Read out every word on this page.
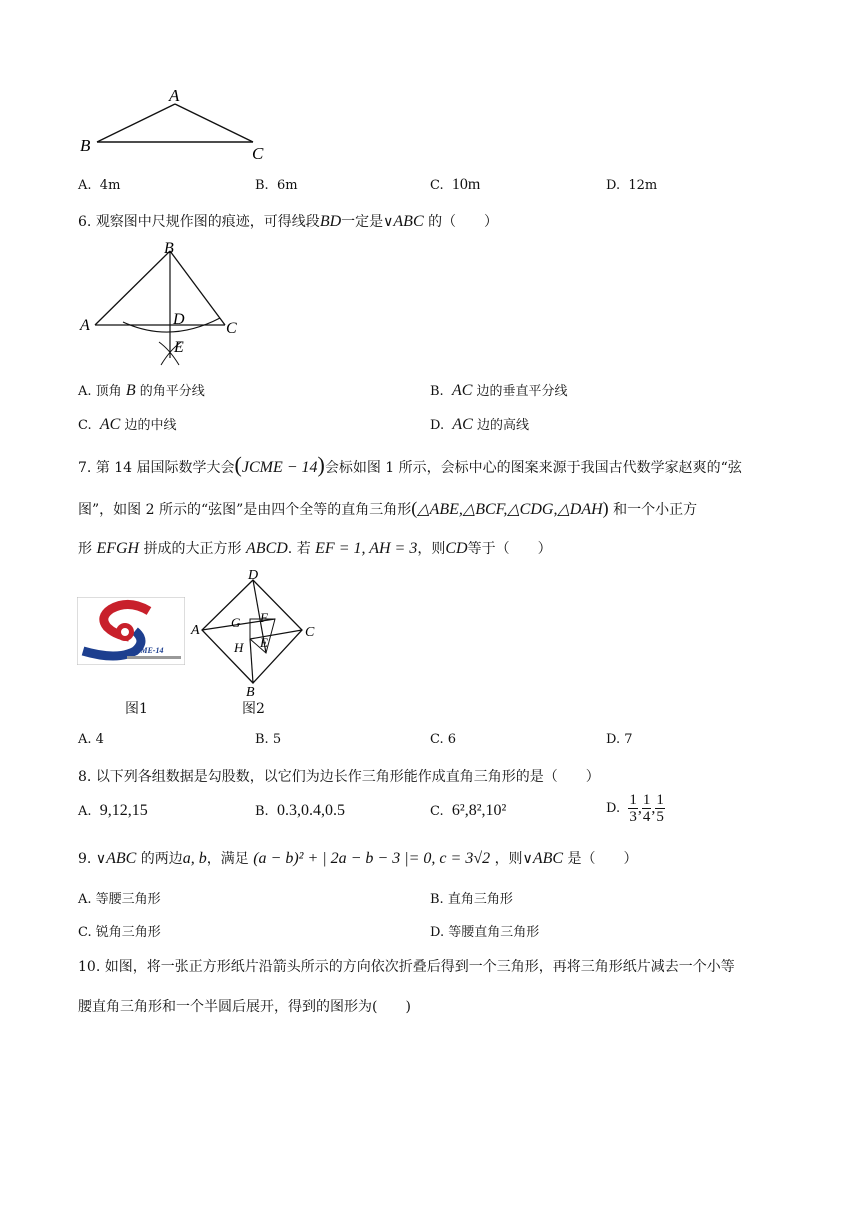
A
B	C
A. 4m	B. 6m	C. 10m	D. 12m
6. 观察图中尺规作图的痕迹，可得线段BD一定是∨ABC 的（　　）
B
A	C
D
E
A. 顶角 B 的角平分线	B. AC 边的垂直平分线
C. AC 边的中线	D. AC 边的高线
7. 第 14 届国际数学大会(JCME − 14)会标如图 1 所示，会标中心的图案来源于我国古代数学家赵爽的“弦
图”，如图 2 所示的“弦图”是由四个全等的直角三角形(△ABE,△BCF,△CDG,△DAH) 和一个小正方
形 EFGH 拼成的大正方形 ABCD. 若 EF = 1, AH = 3，则CD等于（　　）
JCME-14
图1
D
A	C
B
G F
H E
图2
A. 4	B. 5	C. 6	D. 7
8. 以下列各组数据是勾股数，以它们为边长作三角形能作成直角三角形的是（　　）
A. 9,12,15	B. 0.3,0.4,0.5	C. 6²,8²,10²	D. $\frac{1}{3}$ , $\frac{1}{4}$ , $\frac{1}{5}$
9. ∨ABC 的两边a, b，满足 (a − b)² + | 2a − b − 3 |= 0, c = 3√2 ，则∨ABC 是（　　）
A. 等腰三角形	B. 直角三角形
C. 锐角三角形	D. 等腰直角三角形
10. 如图，将一张正方形纸片沿箭头所示的方向依次折叠后得到一个三角形，再将三角形纸片减去一个小等
腰直角三角形和一个半圆后展开，得到的图形为(　　)
